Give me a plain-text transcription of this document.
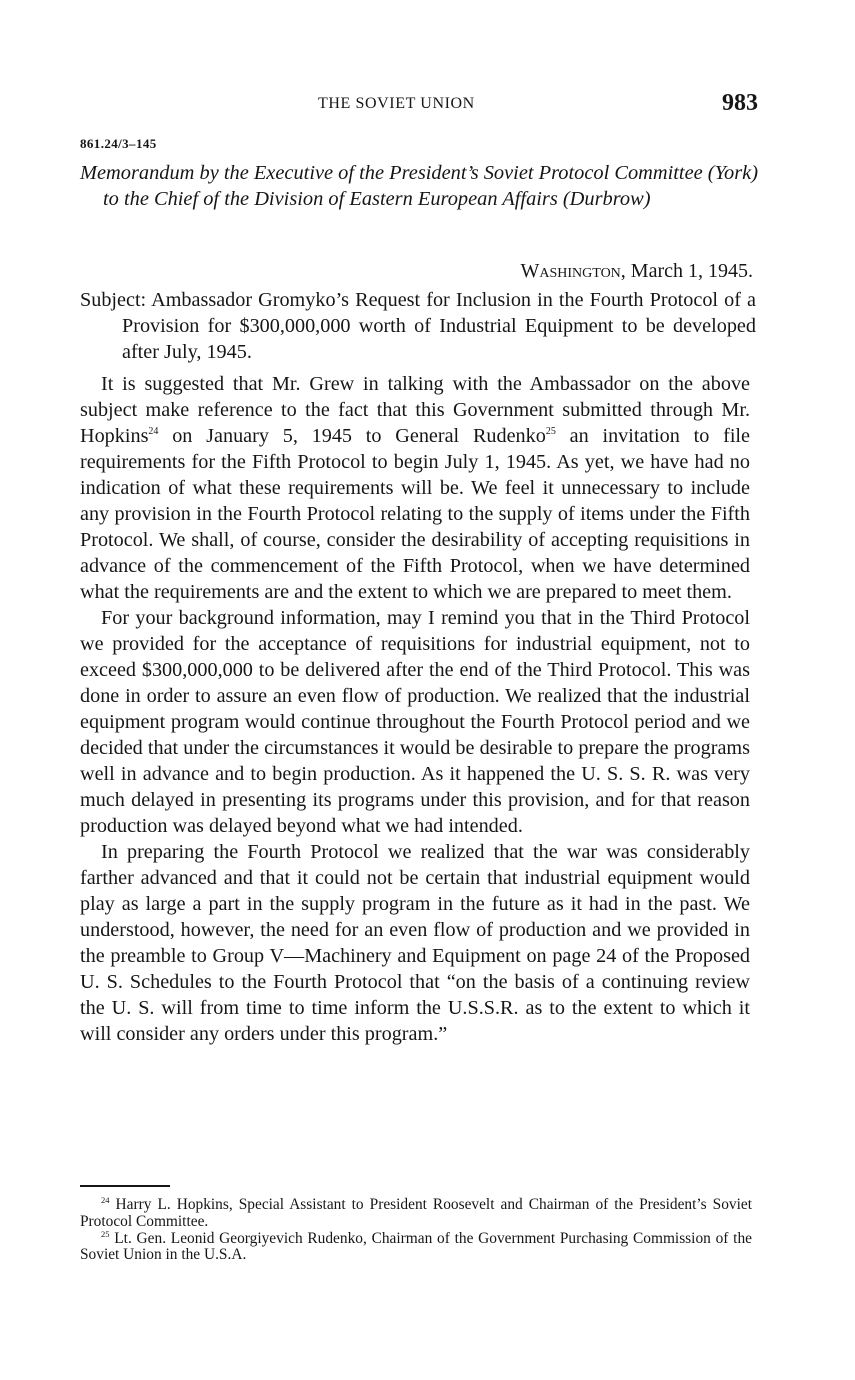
THE SOVIET UNION	983
861.24/3–145
Memorandum by the Executive of the President’s Soviet Protocol Committee (York) to the Chief of the Division of Eastern European Affairs (Durbrow)
Washington, March 1, 1945.
Subject: Ambassador Gromyko’s Request for Inclusion in the Fourth Protocol of a Provision for $300,000,000 worth of Industrial Equipment to be developed after July, 1945.

It is suggested that Mr. Grew in talking with the Ambassador on the above subject make reference to the fact that this Government submitted through Mr. Hopkins$^{24}$ on January 5, 1945 to General Rudenko$^{25}$ an invitation to file requirements for the Fifth Protocol to begin July 1, 1945. As yet, we have had no indication of what these requirements will be. We feel it unnecessary to include any provision in the Fourth Protocol relating to the supply of items under the Fifth Protocol. We shall, of course, consider the desirability of accepting requisitions in advance of the commencement of the Fifth Protocol, when we have determined what the requirements are and the extent to which we are prepared to meet them.

For your background information, may I remind you that in the Third Protocol we provided for the acceptance of requisitions for industrial equipment, not to exceed $300,000,000 to be delivered after the end of the Third Protocol. This was done in order to assure an even flow of production. We realized that the industrial equipment program would continue throughout the Fourth Protocol period and we decided that under the circumstances it would be desirable to prepare the programs well in advance and to begin production. As it happened the U. S. S. R. was very much delayed in presenting its programs under this provision, and for that reason production was delayed beyond what we had intended.

In preparing the Fourth Protocol we realized that the war was considerably farther advanced and that it could not be certain that industrial equipment would play as large a part in the supply program in the future as it had in the past. We understood, however, the need for an even flow of production and we provided in the preamble to Group V—Machinery and Equipment on page 24 of the Proposed U. S. Schedules to the Fourth Protocol that “on the basis of a continuing review the U. S. will from time to time inform the U.S.S.R. as to the extent to which it will consider any orders under this program.”

$^{24}$ Harry L. Hopkins, Special Assistant to President Roosevelt and Chairman of the President’s Soviet Protocol Committee.

$^{25}$ Lt. Gen. Leonid Georgiyevich Rudenko, Chairman of the Government Purchasing Commission of the Soviet Union in the U.S.A.
